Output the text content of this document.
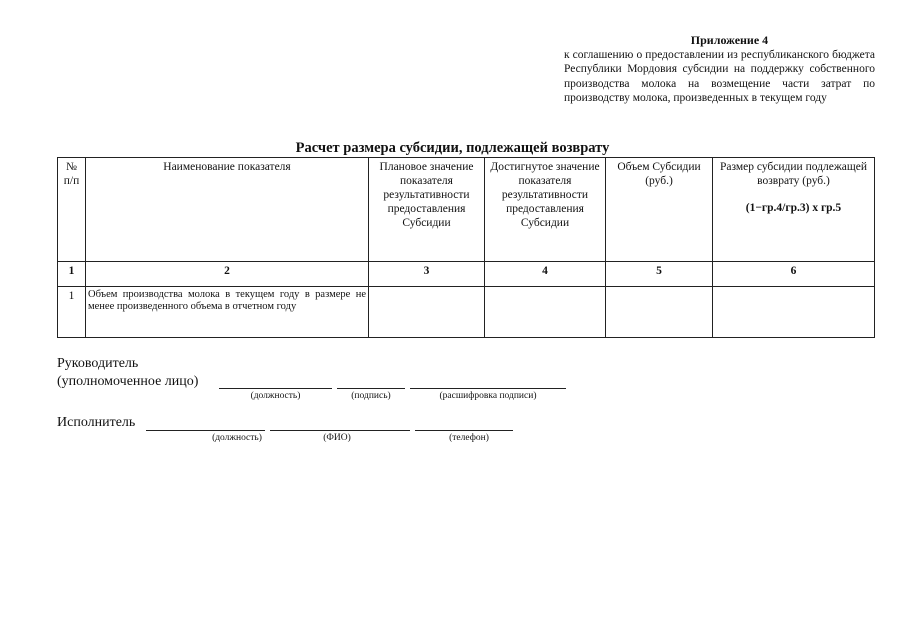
Приложение 4
к соглашению о предоставлении из республиканского бюджета Республики Мордовия субсидии на поддержку собственного производства молока на возмещение части затрат по производству молока, произведенных в текущем году
Расчет размера субсидии, подлежащей возврату
№ п/п	Наименование показателя	Плановое значение показателя результативности предоставления Субсидии	Достигнутое значение показателя результативности предоставления Субсидии	Объем Субсидии (руб.)	Размер субсидии подлежащей возврату (руб.)
(1−гр.4/гр.3) x гр.5

1	2	3	4	5	6
1	Объем производства молока в текущем году в размере не менее произведенного объема в отчетном году				
Руководитель
(уполномоченное лицо)
(должность)	(подпись)	(расшифровка подписи)
Исполнитель
(должность)	(ФИО)	(телефон)
